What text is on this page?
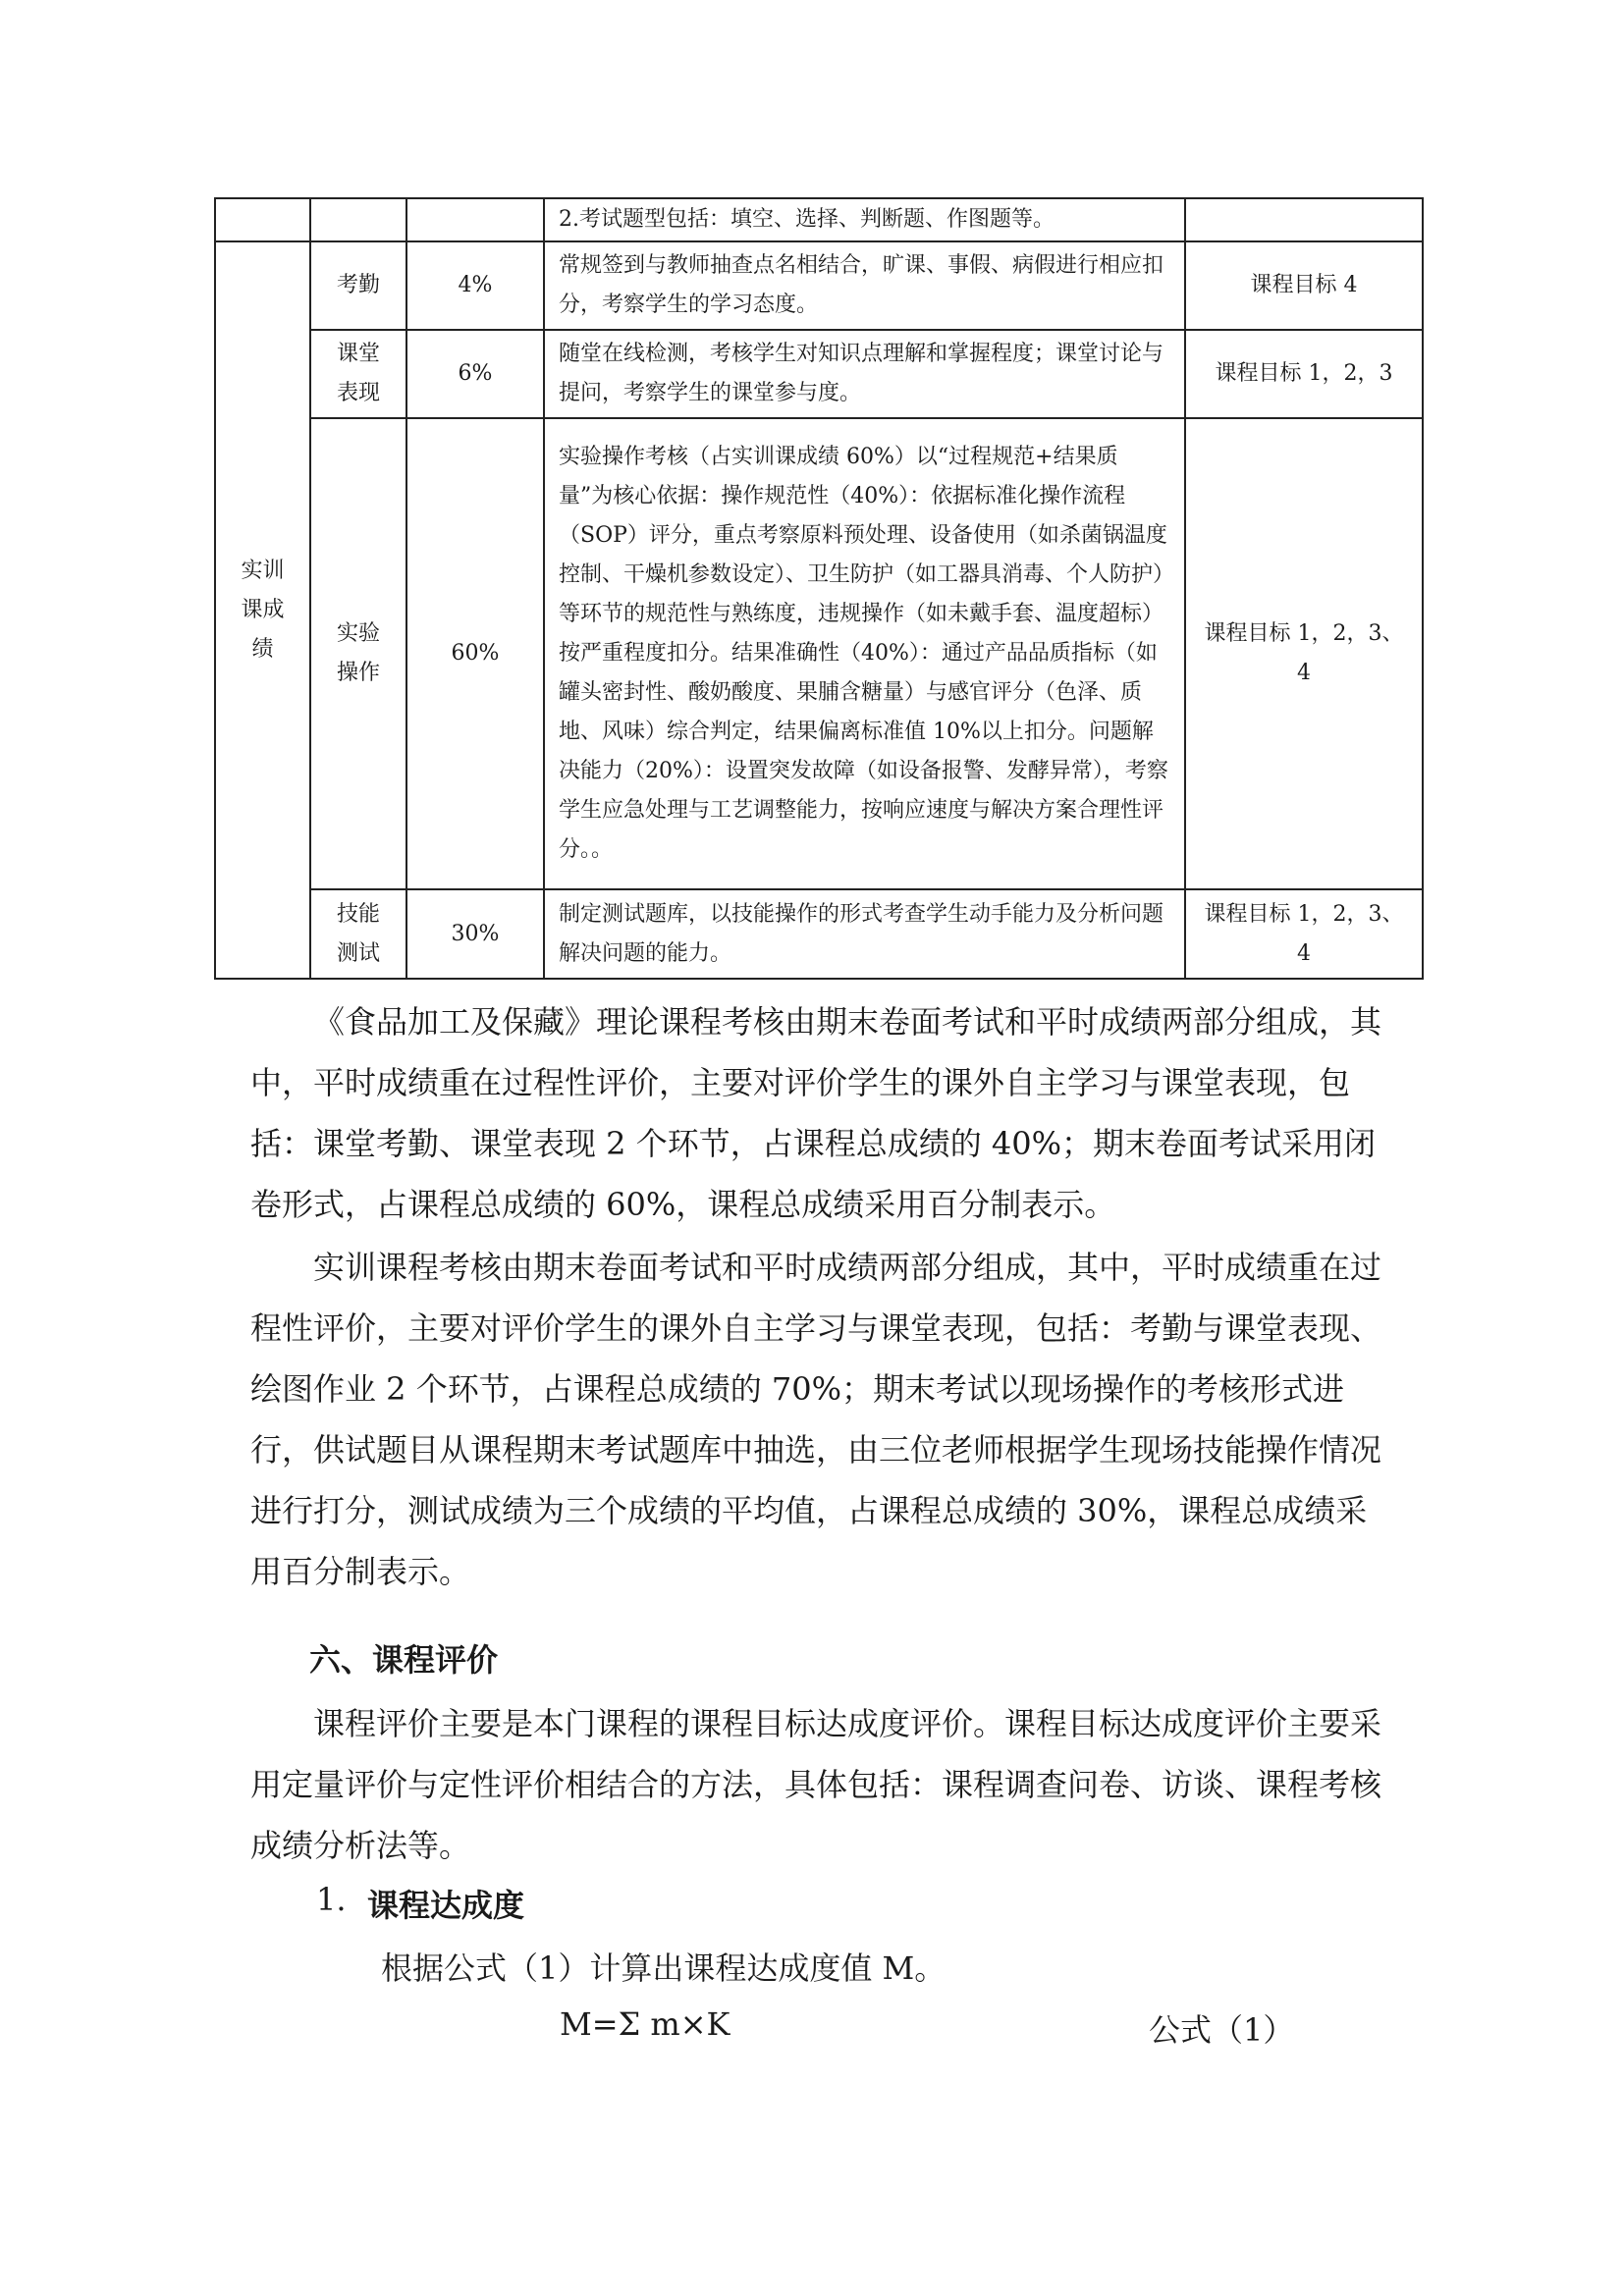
			2.考试题型包括：填空、选择、判断题、作图题等。	

实训
课成
绩	考勤	4%	常规签到与教师抽查点名相结合，旷课、事假、病假进行相应扣分，考察学生的学习态度。	课程目标 4

	课堂
表现	6%	随堂在线检测，考核学生对知识点理解和掌握程度；课堂讨论与提问，考察学生的课堂参与度。	课程目标 1，2，3

	实验
操作	60%	实验操作考核（占实训课成绩 60%）以“过程规范+结果质量”为核心依据：操作规范性（40%）：依据标准化操作流程（SOP）评分，重点考察原料预处理、设备使用（如杀菌锅温度控制、干燥机参数设定）、卫生防护（如工器具消毒、个人防护）等环节的规范性与熟练度，违规操作（如未戴手套、温度超标）按严重程度扣分。结果准确性（40%）：通过产品品质指标（如罐头密封性、酸奶酸度、果脯含糖量）与感官评分（色泽、质地、风味）综合判定，结果偏离标准值 10%以上扣分。问题解决能力（20%）：设置突发故障（如设备报警、发酵异常），考察学生应急处理与工艺调整能力，按响应速度与解决方案合理性评分。。	课程目标 1，2，3、
4

	技能
测试	30%	制定测试题库，以技能操作的形式考查学生动手能力及分析问题解决问题的能力。	课程目标 1，2，3、
4
《食品加工及保藏》理论课程考核由期末卷面考试和平时成绩两部分组成，其中，平时成绩重在过程性评价，主要对评价学生的课外自主学习与课堂表现，包括：课堂考勤、课堂表现 2 个环节，占课程总成绩的 40%；期末卷面考试采用闭卷形式，占课程总成绩的 60%，课程总成绩采用百分制表示。
实训课程考核由期末卷面考试和平时成绩两部分组成，其中，平时成绩重在过程性评价，主要对评价学生的课外自主学习与课堂表现，包括：考勤与课堂表现、绘图作业 2 个环节，占课程总成绩的 70%；期末考试以现场操作的考核形式进行，供试题目从课程期末考试题库中抽选，由三位老师根据学生现场技能操作情况进行打分，测试成绩为三个成绩的平均值，占课程总成绩的 30%，课程总成绩采用百分制表示。
六、课程评价
课程评价主要是本门课程的课程目标达成度评价。课程目标达成度评价主要采用定量评价与定性评价相结合的方法，具体包括：课程调查问卷、访谈、课程考核成绩分析法等。
1. 课程达成度
根据公式（1）计算出课程达成度值 M。
M=Σ m×K	公式（1）
